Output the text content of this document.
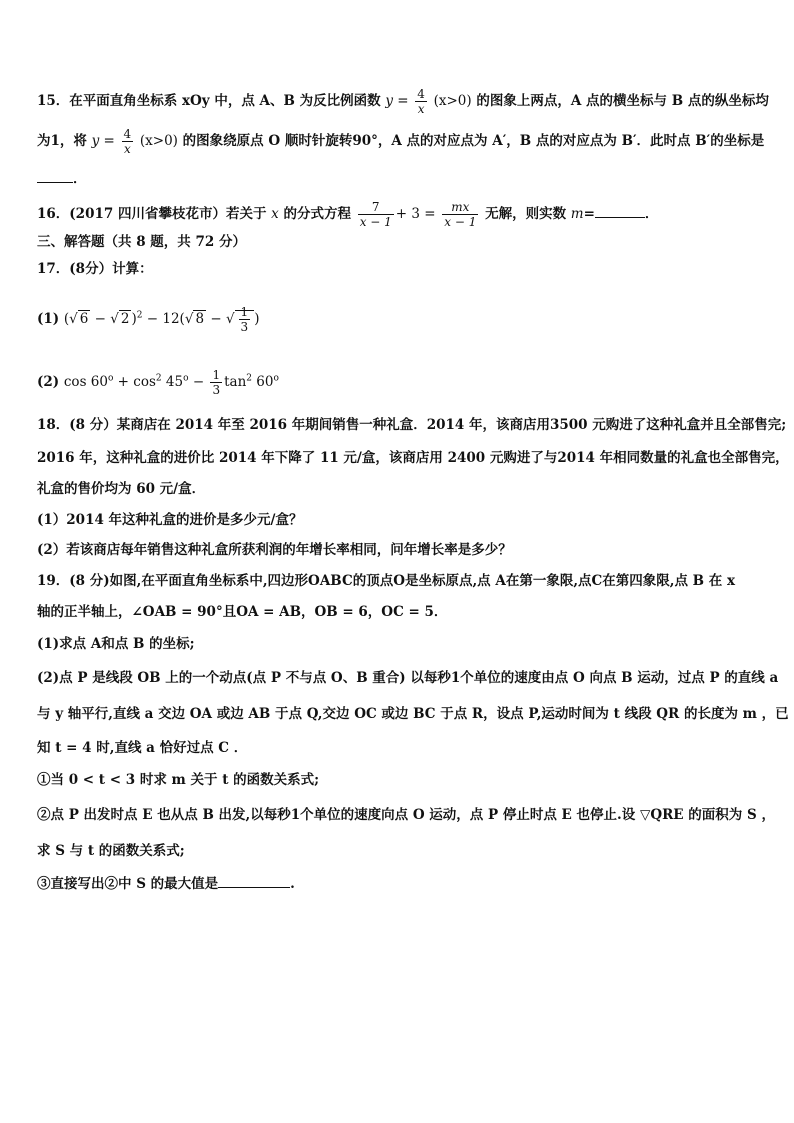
15．在平面直角坐标系 xOy 中，点 A、B 为反比例函数 $y = \frac{4}{x} (x>0)$ 的图象上两点，A 点的横坐标与 B 点的纵坐标均
为1，将 $y = \frac{4}{x} (x>0)$ 的图象绕原点 O 顺时针旋转90°，A 点的对应点为 A′，B 点的对应点为 B′．此时点 B′的坐标是
．
16．(2017 四川省攀枝花市）若关于 x 的分式方程 $\frac{7}{x - 1} + 3 = \frac{mx}{x - 1}$ 无解，则实数 m=	．
三、解答题（共 8 题，共 72 分）
17．(8分）计算：
(1) (√ 6 − √ 2 )$^2$ − 12(√ 8 − √ $\frac{1}{3}$ )
(2) $\cos 60^o + \cos^2 45^o - \frac{1}{3} \tan^2 60^o$
18．(8 分）某商店在 2014 年至 2016 年期间销售一种礼盒．2014 年，该商店用3500 元购进了这种礼盒并且全部售完;
2016 年，这种礼盒的进价比 2014 年下降了 11 元/盒，该商店用 2400 元购进了与2014 年相同数量的礼盒也全部售完，
礼盒的售价均为 60 元/盒．
(1）2014 年这种礼盒的进价是多少元/盒？
(2）若该商店每年销售这种礼盒所获利润的年增长率相同，问年增长率是多少？
19．(8 分)如图,在平面直角坐标系中,四边形OABC的顶点O是坐标原点,点 A在第一象限,点C在第四象限,点 B 在 x
轴的正半轴上，∠OAB = 90°且OA = AB，OB = 6，OC = 5．
(1)求点 A和点 B 的坐标;
(2)点 P 是线段 OB 上的一个动点(点 P 不与点 O、B 重合) 以每秒1个单位的速度由点 O 向点 B 运动，过点 P 的直线 a
与 y 轴平行,直线 a 交边 OA 或边 AB 于点 Q,交边 OC 或边 BC 于点 R，设点 P,运动时间为 t 线段 QR 的长度为 m ，已
知 t = 4 时,直线 a 恰好过点 C ．
①当 0 < t < 3 时求 m 关于 t 的函数关系式;
②点 P 出发时点 E 也从点 B 出发,以每秒1个单位的速度向点 O 运动，点 P 停止时点 E 也停止.设 ▽QRE 的面积为 S ，
求 S 与 t 的函数关系式;
③直接写出②中 S 的最大值是	.
